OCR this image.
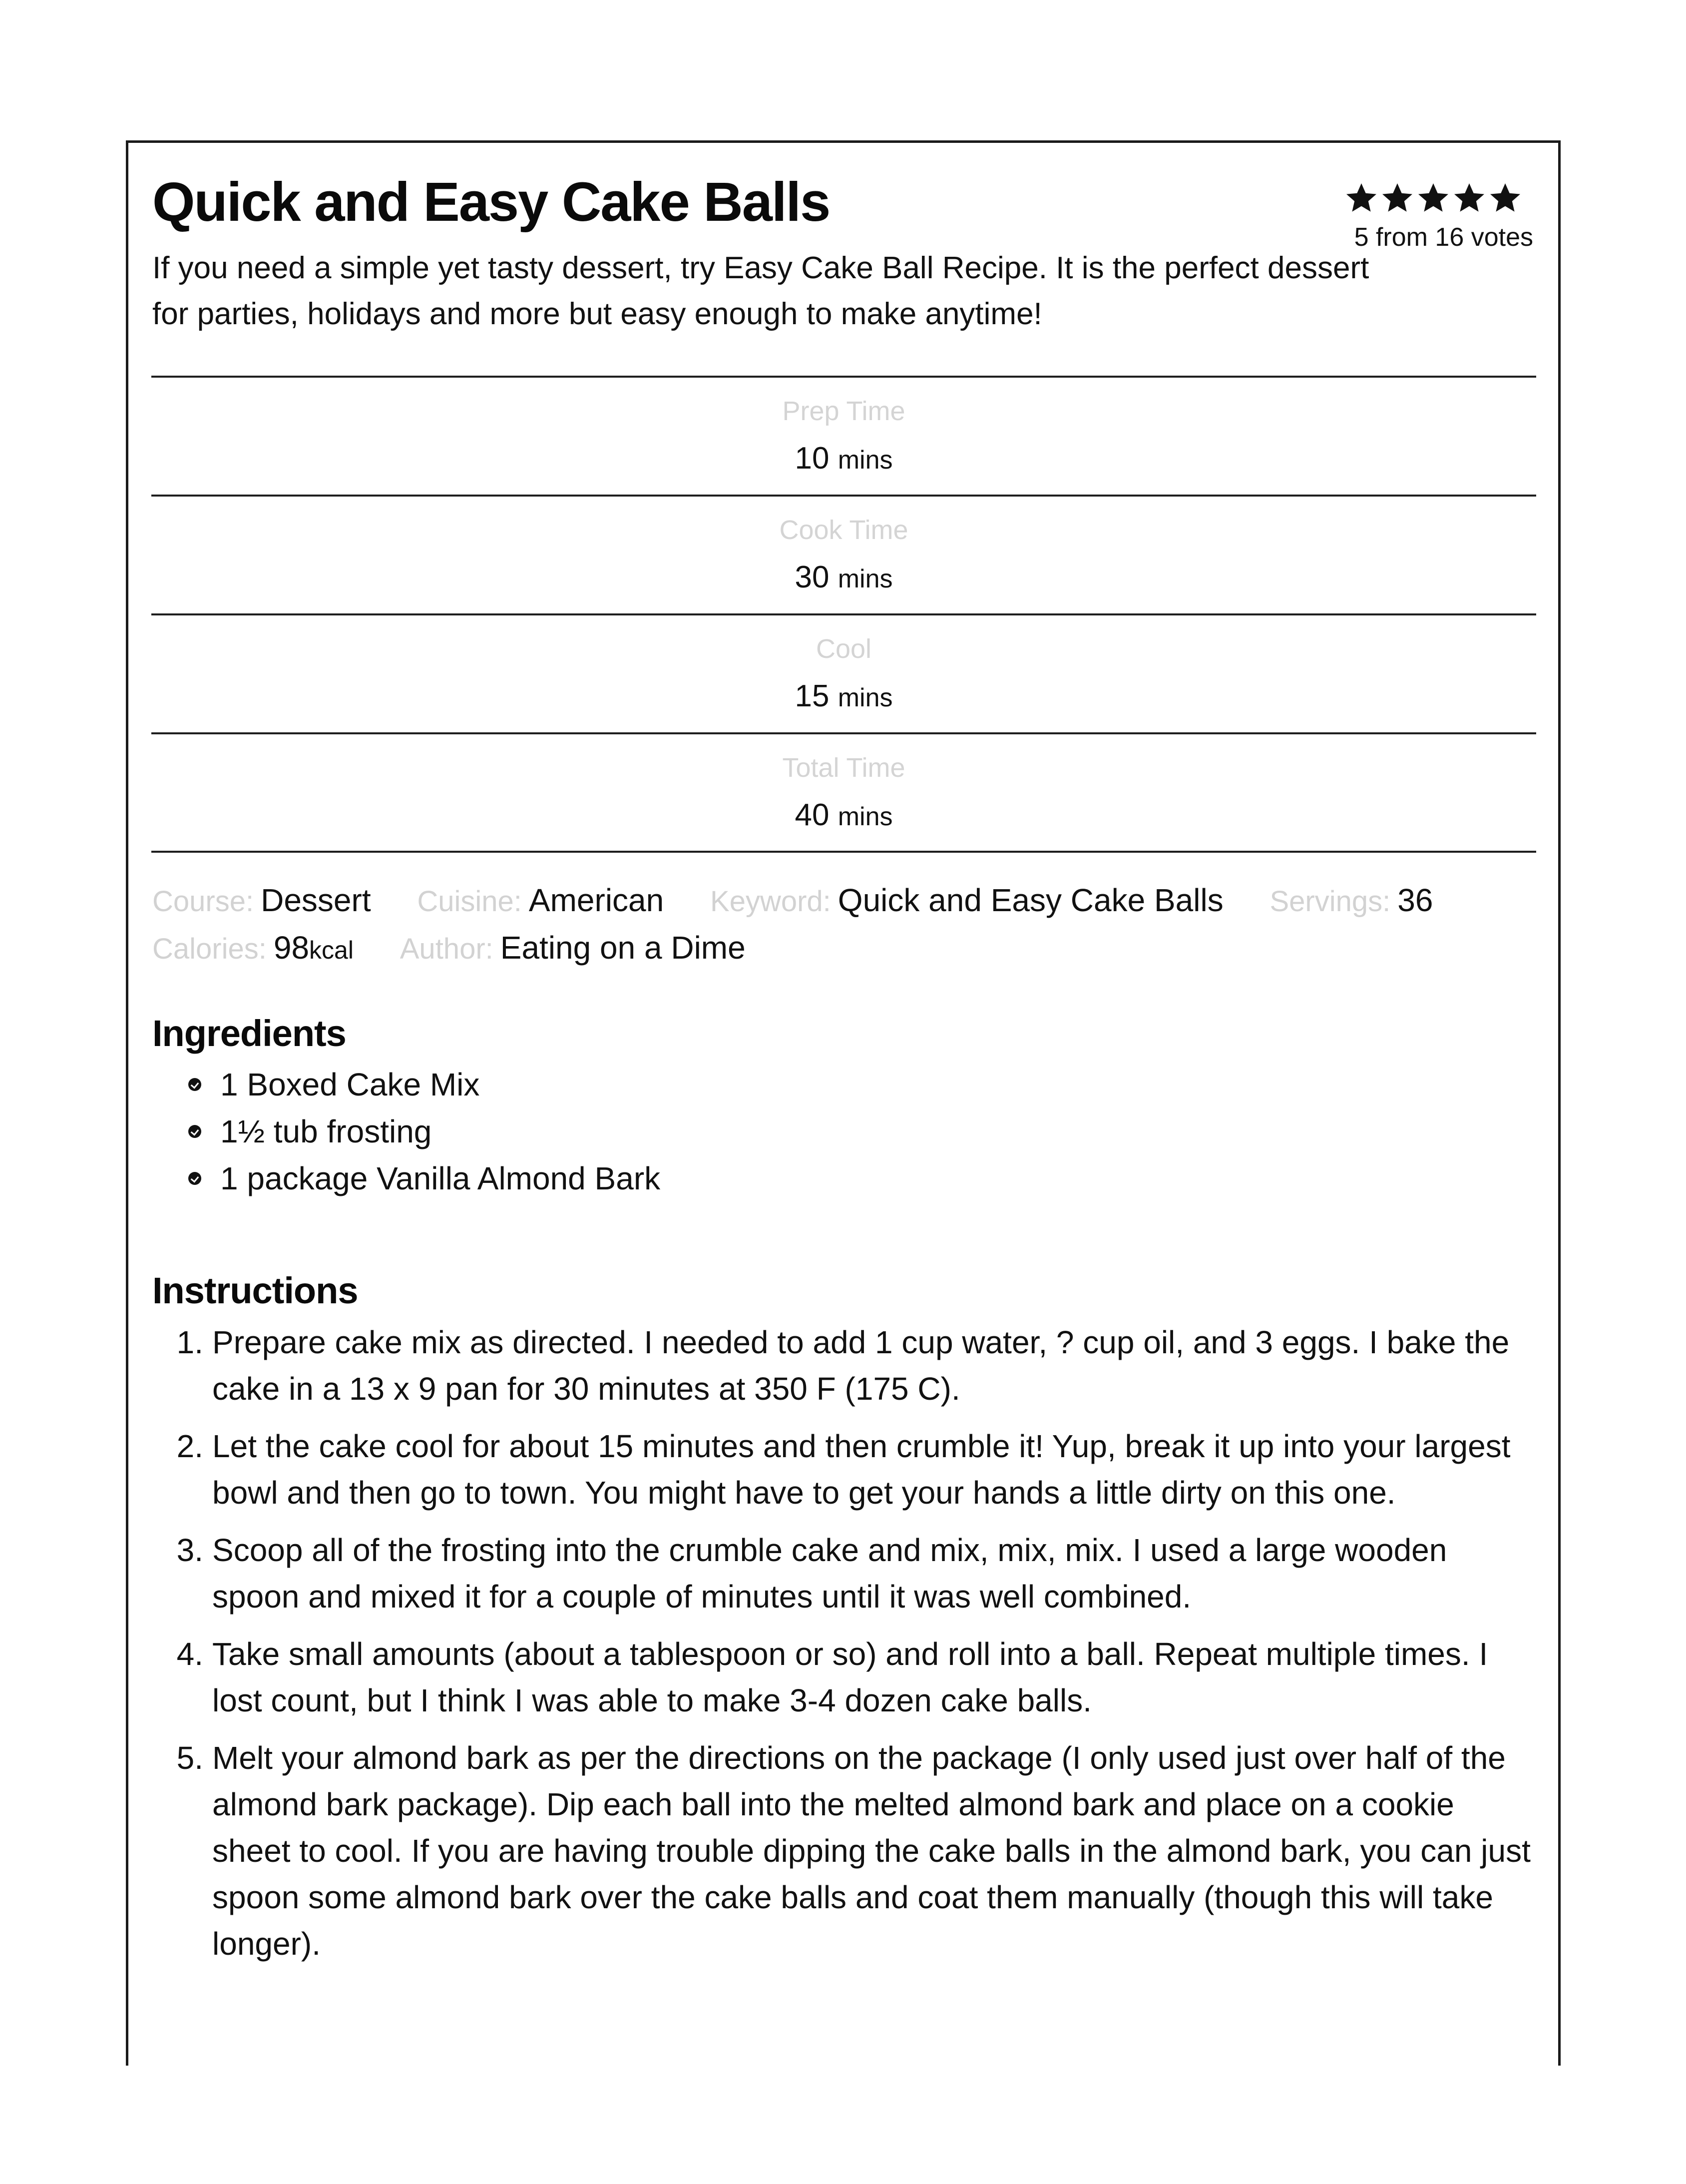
Quick and Easy Cake Balls
5 from 16 votes
If you need a simple yet tasty dessert, try Easy Cake Ball Recipe. It is the perfect dessert for parties, holidays and more but easy enough to make anytime!
Prep Time
10 mins
Cook Time
30 mins
Cool
15 mins
Total Time
40 mins
Course: Dessert Cuisine: American Keyword: Quick and Easy Cake Balls Servings: 36
Calories: 98kcal Author: Eating on a Dime
Ingredients
1 Boxed Cake Mix
1½ tub frosting
1 package Vanilla Almond Bark
Instructions
1. Prepare cake mix as directed. I needed to add 1 cup water, ? cup oil, and 3 eggs. I bake the cake in a 13 x 9 pan for 30 minutes at 350 F (175 C).
2. Let the cake cool for about 15 minutes and then crumble it! Yup, break it up into your largest bowl and then go to town. You might have to get your hands a little dirty on this one.
3. Scoop all of the frosting into the crumble cake and mix, mix, mix. I used a large wooden spoon and mixed it for a couple of minutes until it was well combined.
4. Take small amounts (about a tablespoon or so) and roll into a ball. Repeat multiple times. I lost count, but I think I was able to make 3-4 dozen cake balls.
5. Melt your almond bark as per the directions on the package (I only used just over half of the almond bark package). Dip each ball into the melted almond bark and place on a cookie sheet to cool. If you are having trouble dipping the cake balls in the almond bark, you can just spoon some almond bark over the cake balls and coat them manually (though this will take longer).
